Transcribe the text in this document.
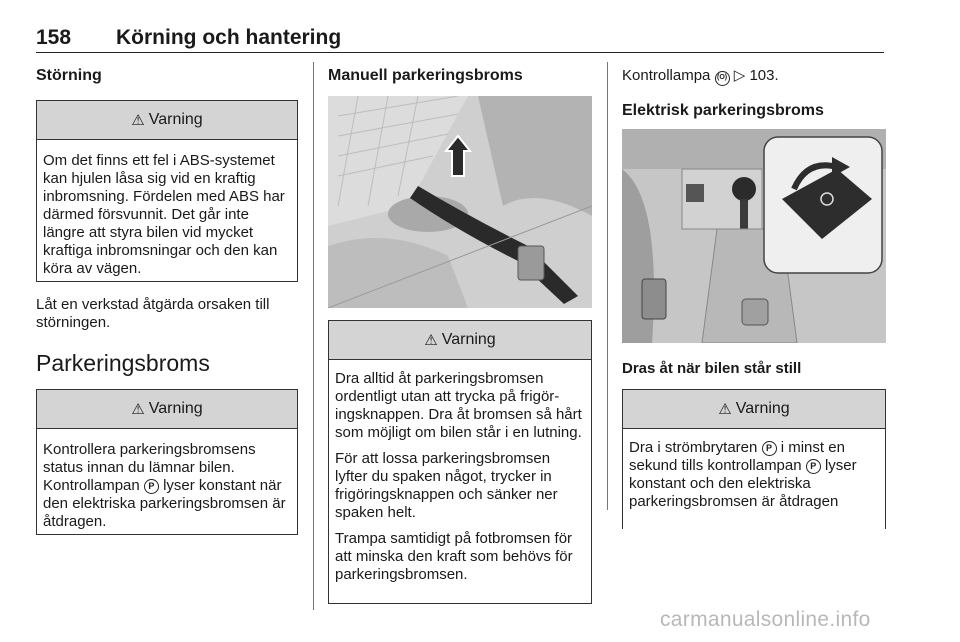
158 Körning och hantering
Störning
⚠ Varning

Om det finns ett fel i ABS-systemet kan hjulen låsa sig vid en kraftig inbromsning. Fördelen med ABS har därmed försvunnit. Det går inte längre att styra bilen vid mycket kraftiga inbromsningar och den kan köra av vägen.

Låt en verkstad åtgärda orsaken till störningen.

Parkeringsbroms
⚠ Varning

Kontrollera parkeringsbromsens status innan du lämnar bilen. Kontrollampan P lyser konstant när den elektriska parkeringsbromsen är åtdragen.

Manuell parkeringsbroms
⚠ Varning

Dra alltid åt parkeringsbromsen ordentligt utan att trycka på frigöringsknappen. Dra åt bromsen så hårt som möjligt om bilen står i en lutning.

För att lossa parkeringsbromsen lyfter du spaken något, trycker in frigöringsknappen och sänker ner spaken helt.

Trampa samtidigt på fotbromsen för att minska den kraft som behövs för parkeringsbromsen.

Kontrollampa (O) ▷ 103.

Elektrisk parkeringsbroms
Dras åt när bilen står still
⚠ Varning

Dra i strömbrytaren P i minst en sekund tills kontrollampan P lyser konstant och den elektriska parkeringsbromsen är åtdragen

carmanualsonline.info
